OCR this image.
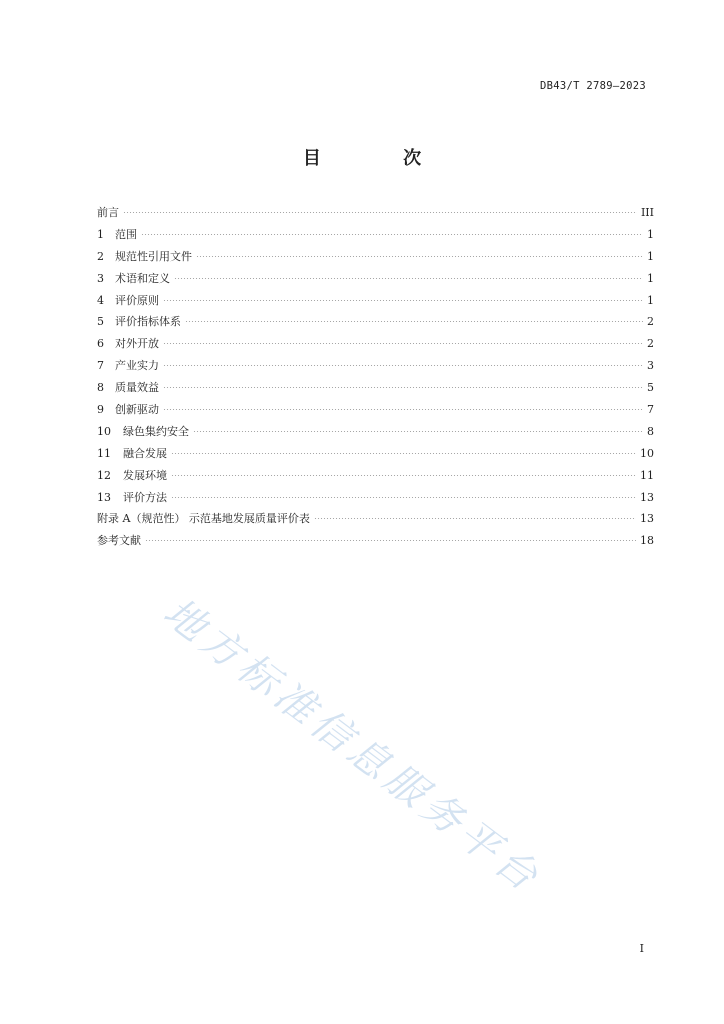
DB43/T 2789—2023
目 次
前言	III
1	范围	1
2	规范性引用文件	1
3	术语和定义	1
4	评价原则	1
5	评价指标体系	2
6	对外开放	2
7	产业实力	3
8	质量效益	5
9	创新驱动	7
10	绿色集约安全	8
11	融合发展	10
12	发展环境	11
13	评价方法	13
附录 A（规范性） 示范基地发展质量评价表	13
参考文献	18
地方标准信息服务平台
I
